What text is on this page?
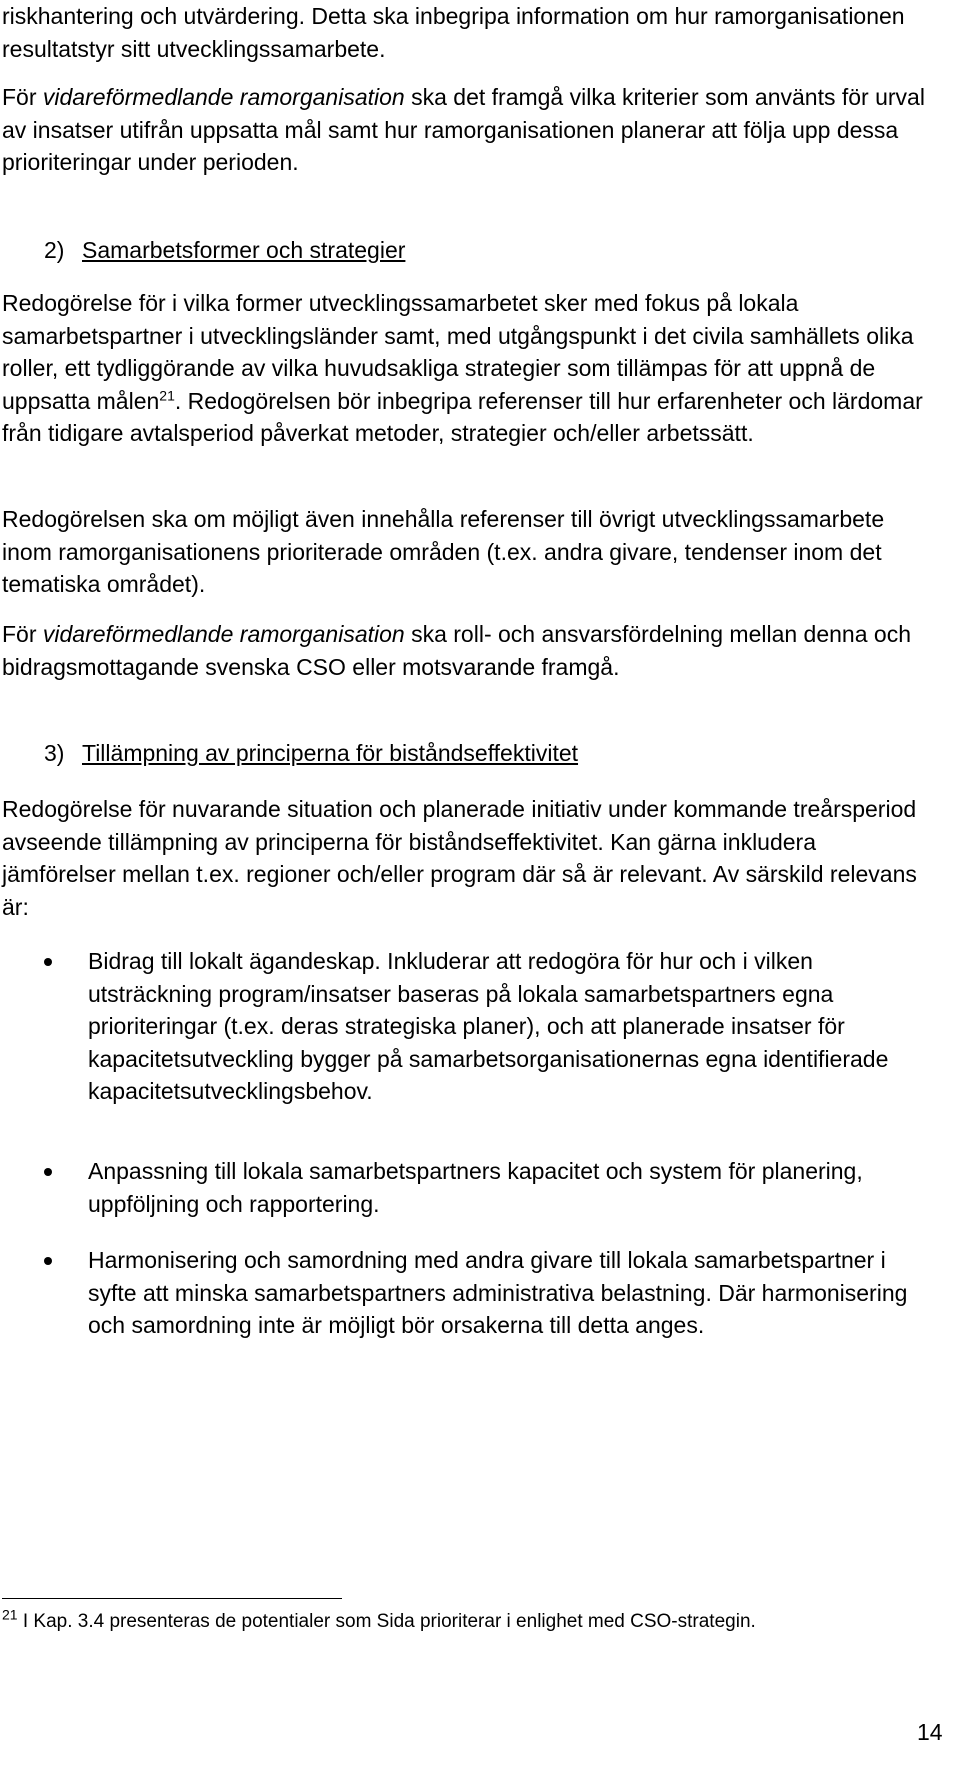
riskhantering och utvärdering. Detta ska inbegripa information om hur ramorganisationen resultatstyr sitt utvecklingssamarbete.

För vidareförmedlande ramorganisation ska det framgå vilka kriterier som använts för urval av insatser utifrån uppsatta mål samt hur ramorganisationen planerar att följa upp dessa prioriteringar under perioden.

2) Samarbetsformer och strategier

Redogörelse för i vilka former utvecklingssamarbetet sker med fokus på lokala samarbetspartner i utvecklingsländer samt, med utgångspunkt i det civila samhällets olika roller, ett tydliggörande av vilka huvudsakliga strategier som tillämpas för att uppnå de uppsatta målen$^{21}$. Redogörelsen bör inbegripa referenser till hur erfarenheter och lärdomar från tidigare avtalsperiod påverkat metoder, strategier och/eller arbetssätt.

Redogörelsen ska om möjligt även innehålla referenser till övrigt utvecklingssamarbete inom ramorganisationens prioriterade områden (t.ex. andra givare, tendenser inom det tematiska området).

För vidareförmedlande ramorganisation ska roll- och ansvarsfördelning mellan denna och bidragsmottagande svenska CSO eller motsvarande framgå.

3) Tillämpning av principerna för biståndseffektivitet

Redogörelse för nuvarande situation och planerade initiativ under kommande treårsperiod avseende tillämpning av principerna för biståndseffektivitet. Kan gärna inkludera jämförelser mellan t.ex. regioner och/eller program där så är relevant. Av särskild relevans är:

Bidrag till lokalt ägandeskap. Inkluderar att redogöra för hur och i vilken utsträckning program/insatser baseras på lokala samarbetspartners egna prioriteringar (t.ex. deras strategiska planer), och att planerade insatser för kapacitetsutveckling bygger på samarbetsorganisationernas egna identifierade kapacitetsutvecklingsbehov.

Anpassning till lokala samarbetspartners kapacitet och system för planering, uppföljning och rapportering.

Harmonisering och samordning med andra givare till lokala samarbetspartner i syfte att minska samarbetspartners administrativa belastning. Där harmonisering och samordning inte är möjligt bör orsakerna till detta anges.

$^{21}$ I Kap. 3.4 presenteras de potentialer som Sida prioriterar i enlighet med CSO-strategin.
14
